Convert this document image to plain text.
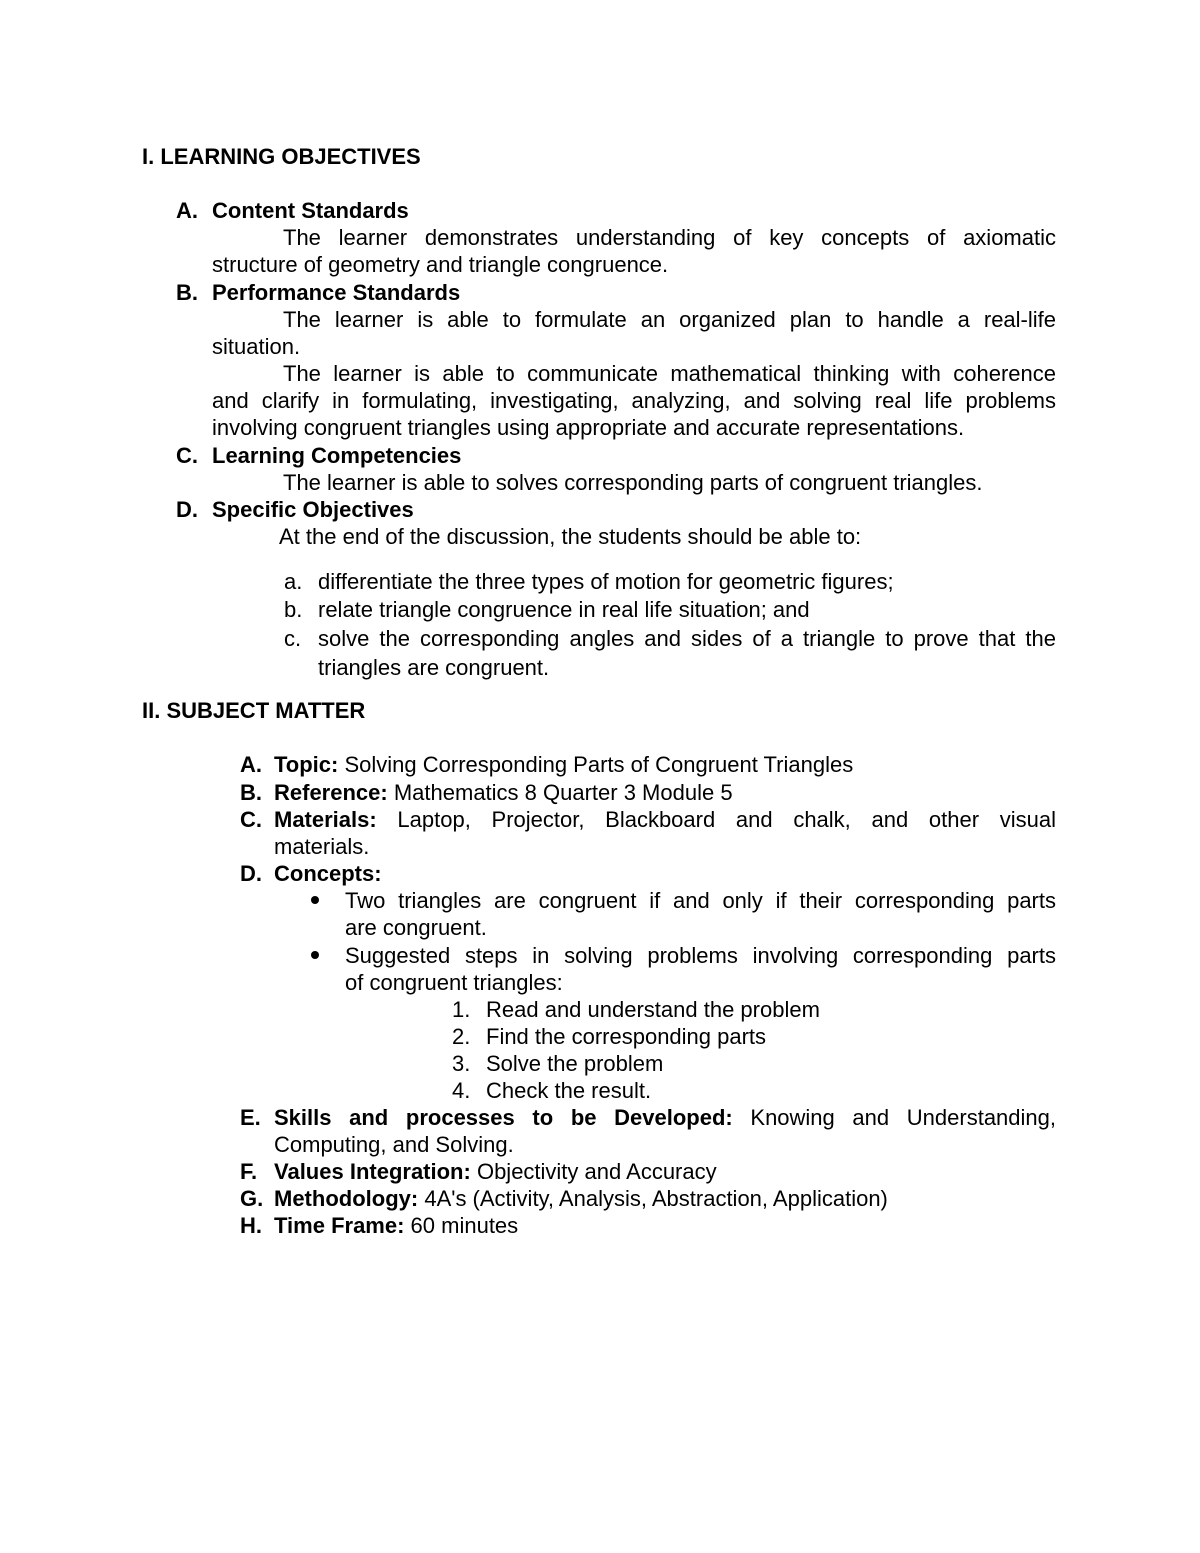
I. LEARNING OBJECTIVES
A. Content Standards
The learner demonstrates understanding of key concepts of axiomatic
structure of geometry and triangle congruence.
B. Performance Standards
The learner is able to formulate an organized plan to handle a real-life
situation.
The learner is able to communicate mathematical thinking with coherence
and clarify in formulating, investigating, analyzing, and solving real life problems
involving congruent triangles using appropriate and accurate representations.
C. Learning Competencies
The learner is able to solves corresponding parts of congruent triangles.
D. Specific Objectives
At the end of the discussion, the students should be able to:
a. differentiate the three types of motion for geometric figures;
b. relate triangle congruence in real life situation; and
c. solve the corresponding angles and sides of a triangle to prove that the
triangles are congruent.
II. SUBJECT MATTER
A. Topic: Solving Corresponding Parts of Congruent Triangles
B. Reference: Mathematics 8 Quarter 3 Module 5
C. Materials: Laptop, Projector, Blackboard and chalk, and other visual
materials.
D. Concepts:
Two triangles are congruent if and only if their corresponding parts
are congruent.
Suggested steps in solving problems involving corresponding parts
of congruent triangles:
1. Read and understand the problem
2. Find the corresponding parts
3. Solve the problem
4. Check the result.
E. Skills and processes to be Developed: Knowing and Understanding,
Computing, and Solving.
F. Values Integration: Objectivity and Accuracy
G. Methodology: 4A's (Activity, Analysis, Abstraction, Application)
H. Time Frame: 60 minutes
